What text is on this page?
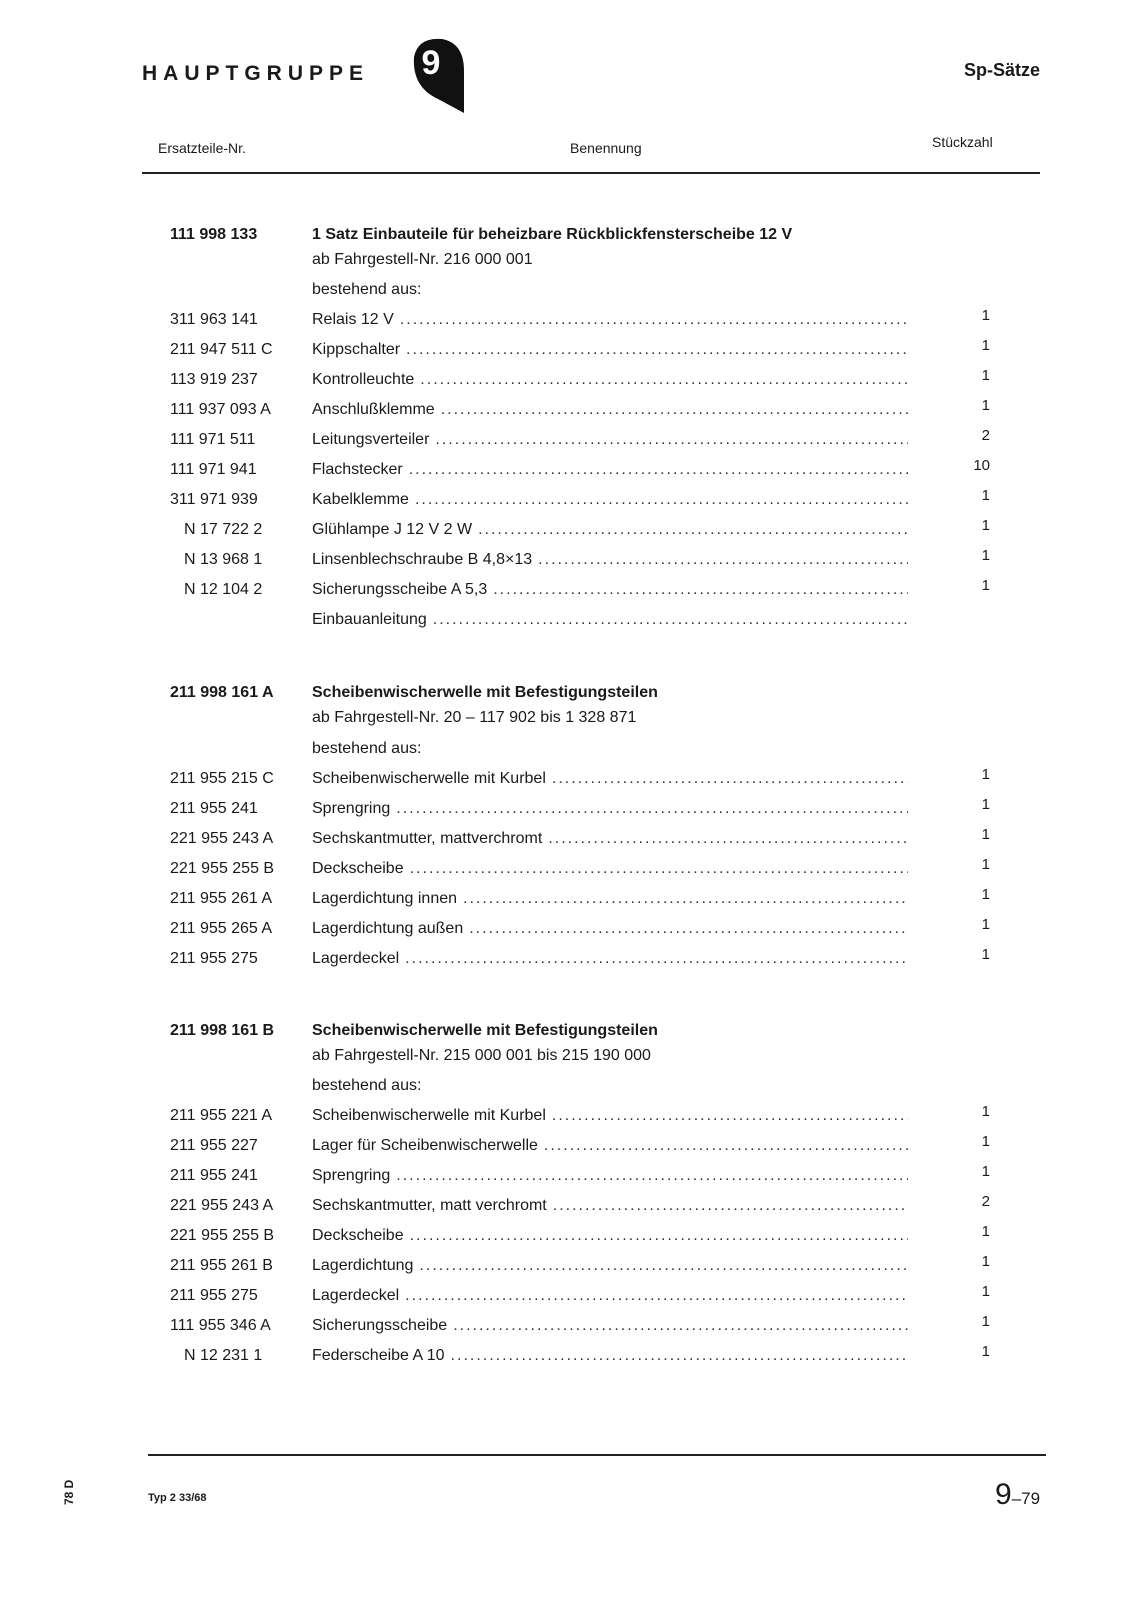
HAUPTGRUPPE	9	Sp-Sätze
Ersatzteile-Nr.	Benennung	Stückzahl
111 998 133	1 Satz Einbauteile für beheizbare Rückblickfensterscheibe 12 V
ab Fahrgestell-Nr. 216 000 001
bestehend aus:
311 963 141	Relais 12 V .....	1
211 947 511 C Kippschalter .....	1
113 919 237	Kontrolleuchte .....	1
111 937 093 A	Anschlußklemme .....	1
111 971 511	Leitungsverteiler .....	2
111 971 941	Flachstecker .....	10
311 971 939	Kabelklemme .....	1
N 17 722 2	Glühlampe J 12 V 2 W .....	1
N 13 968 1	Linsenblechschraube B 4,8×13 .....	1
N 12 104 2	Sicherungsscheibe A 5,3 .....	1
Einbauanleitung
.....
211 998 161 A Scheibenwischerwelle mit Befestigungsteilen
ab Fahrgestell-Nr. 20 – 117 902 bis 1 328 871
bestehend aus:
211 955 215 C Scheibenwischerwelle mit Kurbel .....	1
211 955 241	Sprengring .....	1
221 955 243 A Sechskantmutter, mattverchromt .....	1
221 955 255 B Deckscheibe .....	1
211 955 261 A Lagerdichtung innen .....	1
211 955 265 A Lagerdichtung außen .....	1
211 955 275	Lagerdeckel .....	1
211 998 161 B Scheibenwischerwelle mit Befestigungsteilen
ab Fahrgestell-Nr. 215 000 001 bis 215 190 000
bestehend aus:
211 955 221 A Scheibenwischerwelle mit Kurbel .....	1
211 955 227	Lager für Scheibenwischerwelle .....	1
211 955 241	Sprengring .....	1
221 955 243 A Sechskantmutter, matt verchromt .....	2
221 955 255 B Deckscheibe .....	1
211 955 261 B Lagerdichtung .....	1
211 955 275	Lagerdeckel .....	1
111 955 346 A	Sicherungsscheibe .....	1
N 12 231 1	Federscheibe A 10 .....	1
Typ 2 33/68	9–79
78 D
